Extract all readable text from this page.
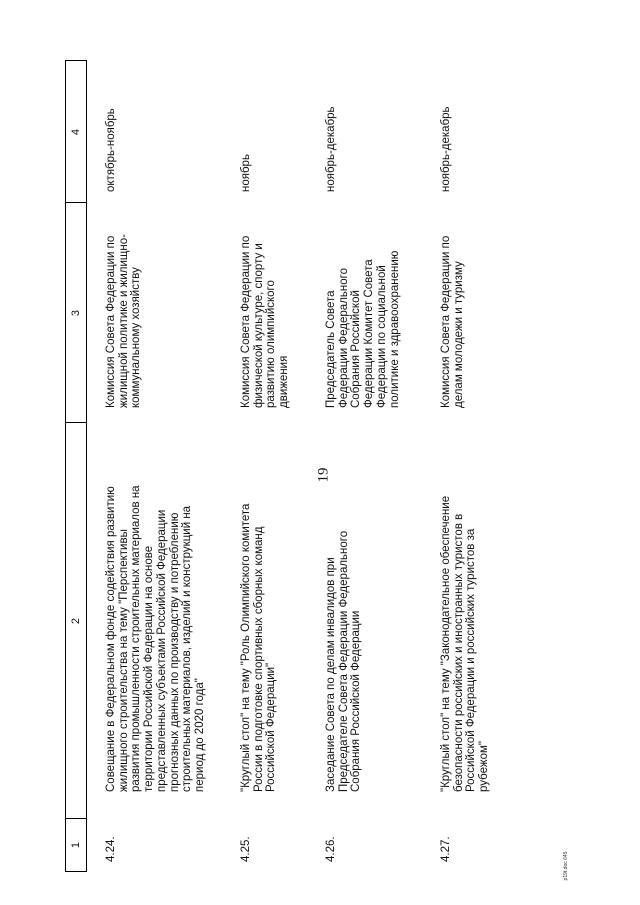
19
1
2
3
4
4.24.
Совещание в Федеральном фонде содействия развитию жилищного строительства на тему "Перспективы развития промышленности строительных материалов на территории Российской Федерации на основе представленных субъектами Российской Федерации прогнозных данных по производству и потреблению строительных материалов, изделий и конструкций на период до 2020 года"
Комиссия Совета Федерации по жилищной политике и жилищно-коммунальному хозяйству
октябрь-ноябрь
4.25.
"Круглый стол" на тему "Роль Олимпийского комитета России в подготовке спортивных сборных команд Российской Федерации"
Комиссия Совета Федерации по физической культуре, спорту и развитию олимпийского движения
ноябрь
4.26.
Заседание Совета по делам инвалидов при Председателе Совета Федерации Федерального Собрания Российской Федерации
Председатель Совета Федерации Федерального Собрания Российской Федерации Комитет Совета Федерации по социальной политике и здравоохранению
ноябрь-декабрь
4.27.
"Круглый стол" на тему "Законодательное обеспечение безопасности российских и иностранных туристов в Российской Федерации и российских туристов за рубежом"
Комиссия Совета Федерации по делам молодежи и туризму
ноябрь-декабрь
p19t.doc 645
